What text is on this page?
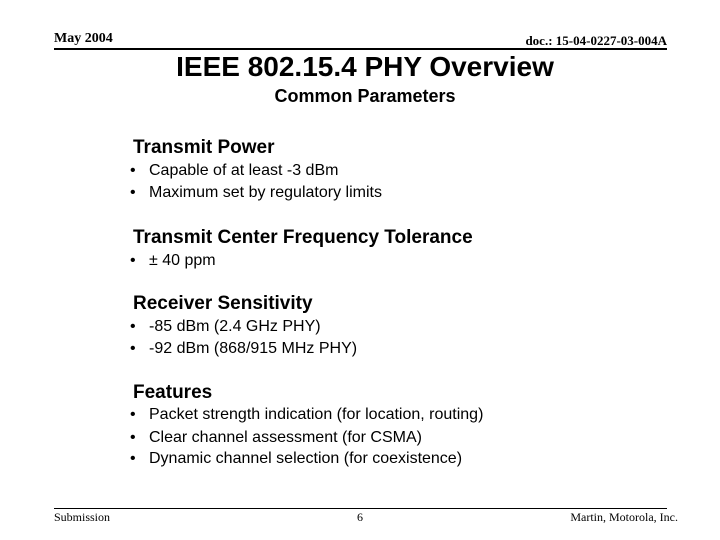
May 2004	doc.: 15-04-0227-03-004A
IEEE 802.15.4 PHY Overview
Common Parameters
Transmit Power
• Capable of at least -3 dBm
• Maximum set by regulatory limits
Transmit Center Frequency Tolerance
• ± 40 ppm
Receiver Sensitivity
• -85 dBm (2.4 GHz PHY)
• -92 dBm (868/915 MHz PHY)
Features
• Packet strength indication (for location, routing)
• Clear channel assessment (for CSMA)
• Dynamic channel selection (for coexistence)
Submission	6	Martin, Motorola, Inc.
